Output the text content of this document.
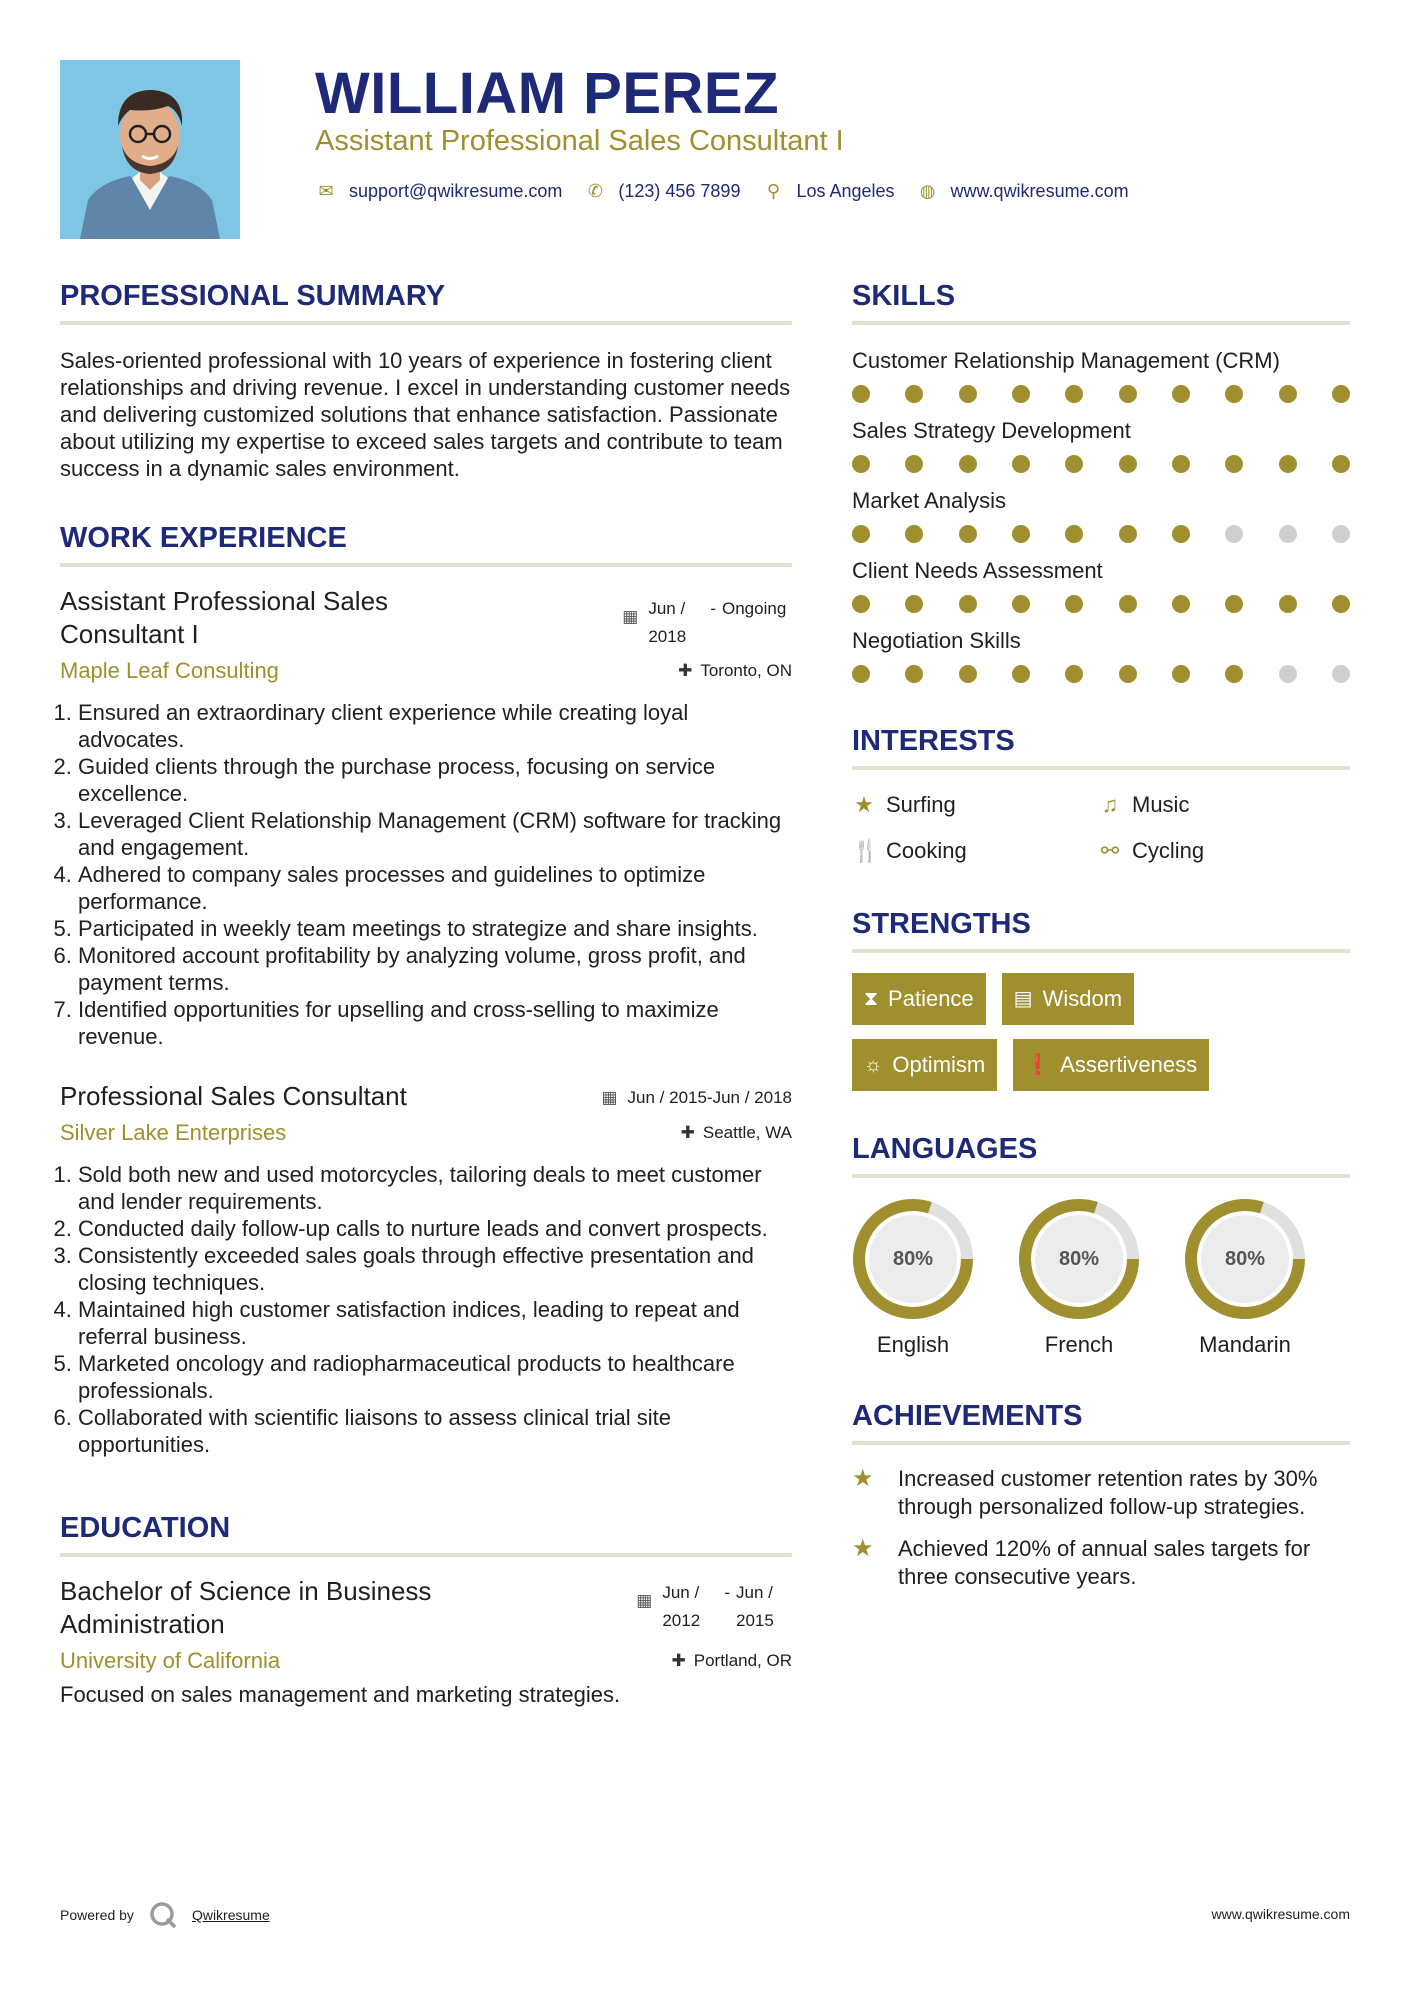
WILLIAM PEREZ
Assistant Professional Sales Consultant I
✉ support@qwikresume.com ✆ (123) 456 7899 ⚲ Los Angeles ◍ www.qwikresume.com
PROFESSIONAL SUMMARY
Sales-oriented professional with 10 years of experience in fostering client relationships and driving revenue. I excel in understanding customer needs and delivering customized solutions that enhance satisfaction. Passionate about utilizing my expertise to exceed sales targets and contribute to team success in a dynamic sales environment.
WORK EXPERIENCE
Assistant Professional Sales Consultant I
▦ Jun / 2018
- Ongoing
Maple Leaf Consulting	✚ Toronto, ON
1. Ensured an extraordinary client experience while creating loyal advocates.
2. Guided clients through the purchase process, focusing on service excellence.
3. Leveraged Client Relationship Management (CRM) software for tracking and engagement.
4. Adhered to company sales processes and guidelines to optimize performance.
5. Participated in weekly team meetings to strategize and share insights.
6. Monitored account profitability by analyzing volume, gross profit, and payment terms.
7. Identified opportunities for upselling and cross-selling to maximize revenue.
Professional Sales Consultant	▦ Jun / 2015-Jun / 2018
Silver Lake Enterprises	✚ Seattle, WA
1. Sold both new and used motorcycles, tailoring deals to meet customer and lender requirements.
2. Conducted daily follow-up calls to nurture leads and convert prospects.
3. Consistently exceeded sales goals through effective presentation and closing techniques.
4. Maintained high customer satisfaction indices, leading to repeat and referral business.
5. Marketed oncology and radiopharmaceutical products to healthcare professionals.
6. Collaborated with scientific liaisons to assess clinical trial site opportunities.
EDUCATION
Bachelor of Science in Business Administration
▦ Jun / 2012
- Jun / 2015
University of California	✚ Portland, OR
Focused on sales management and marketing strategies.
SKILLS
Customer Relationship Management (CRM)
Sales Strategy Development
Market Analysis
Client Needs Assessment
Negotiation Skills
INTERESTS
★ Surfing	♫ Music
🍴 Cooking	⚯ Cycling
STRENGTHS
⧗ Patience ▤ Wisdom
☼ Optimism ❗ Assertiveness
LANGUAGES
80%
English
80%
French
80%
Mandarin
ACHIEVEMENTS
★	Increased customer retention rates by 30% through personalized follow-up strategies.
★	Achieved 120% of annual sales targets for three consecutive years.
Powered by	Qwikresume	www.qwikresume.com
